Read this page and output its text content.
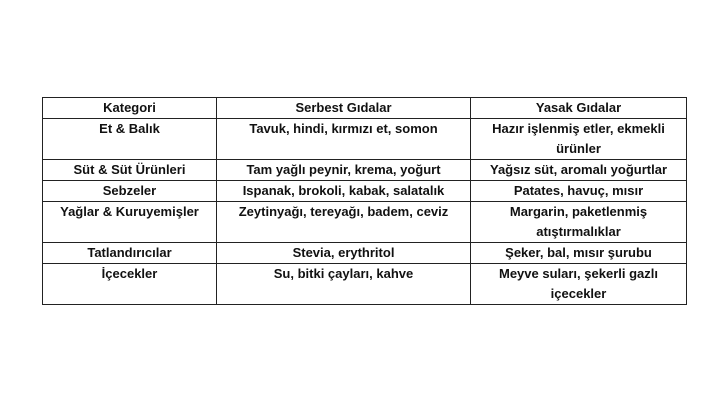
Kategori	Serbest Gıdalar	Yasak Gıdalar
Et & Balık	Tavuk, hindi, kırmızı et, somon	Hazır işlenmiş etler, ekmekli ürünler
Süt & Süt Ürünleri	Tam yağlı peynir, krema, yoğurt	Yağsız süt, aromalı yoğurtlar
Sebzeler	Ispanak, brokoli, kabak, salatalık	Patates, havuç, mısır
Yağlar & Kuruyemişler	Zeytinyağı, tereyağı, badem, ceviz	Margarin, paketlenmiş atıştırmalıklar
Tatlandırıcılar	Stevia, erythritol	Şeker, bal, mısır şurubu
İçecekler	Su, bitki çayları, kahve	Meyve suları, şekerli gazlı içecekler
